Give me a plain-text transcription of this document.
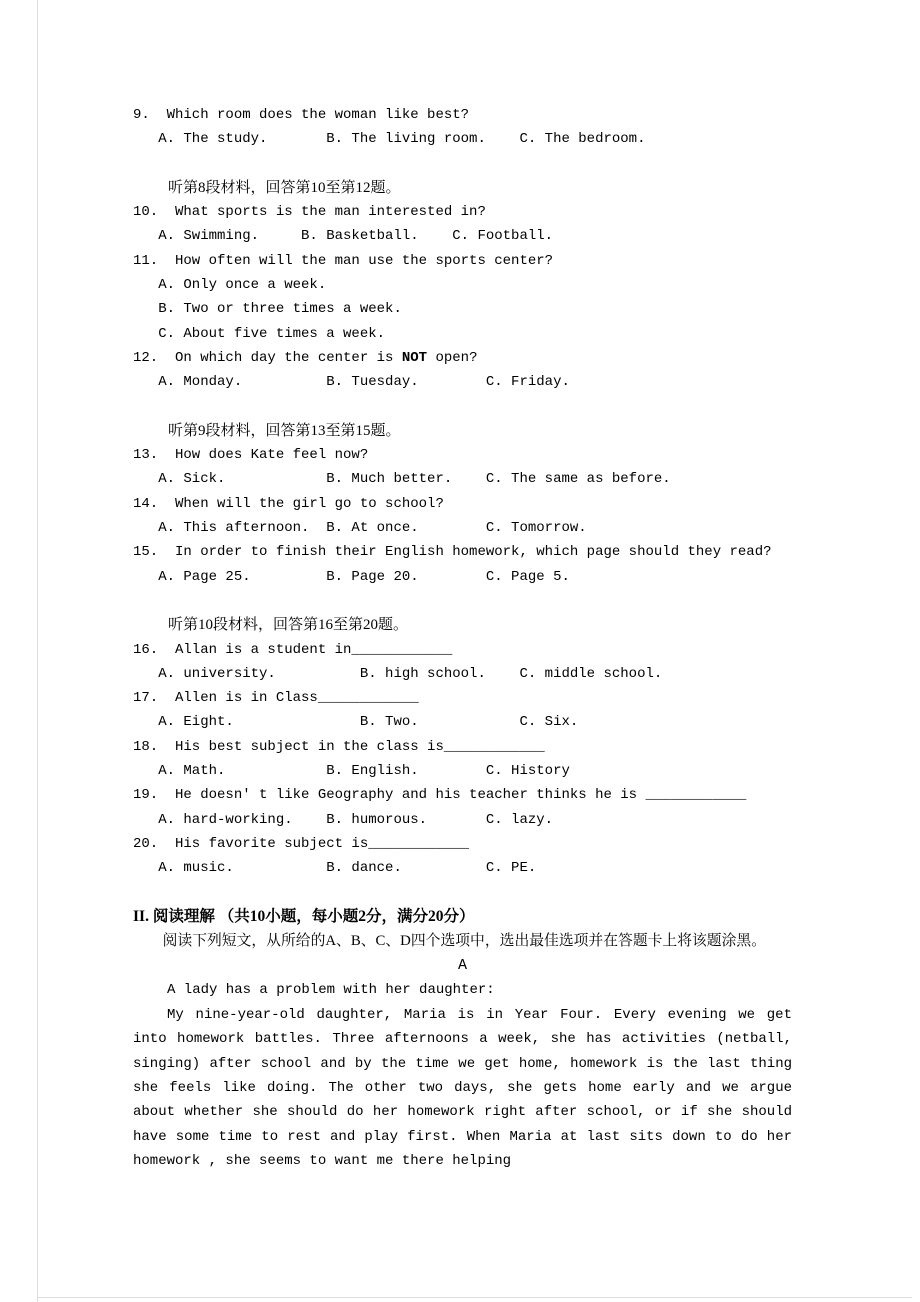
9.  Which room does the woman like best?
A. The study.       B. The living room.    C. The bedroom.
听第8段材料，回答第10至第12题。
10.  What sports is the man interested in?
A. Swimming.     B. Basketball.    C. Football.
11.  How often will the man use the sports center?
A. Only once a week.
B. Two or three times a week.
C. About five times a week.
12.  On which day the center is NOT open?
A. Monday.          B. Tuesday.        C. Friday.
听第9段材料，回答第13至第15题。
13.  How does Kate feel now?
A. Sick.            B. Much better.    C. The same as before.
14.  When will the girl go to school?
A. This afternoon.  B. At once.        C. Tomorrow.
15.  In order to finish their English homework, which page should they read?
A. Page 25.         B. Page 20.        C. Page 5.
听第10段材料，回答第16至第20题。
16.  Allan is a student in____________
A. university.          B. high school.    C. middle school.
17.  Allen is in Class____________
A. Eight.               B. Two.            C. Six.
18.  His best subject in the class is____________
A. Math.            B. English.        C. History
19.  He doesn' t like Geography and his teacher thinks he is ____________
A. hard-working.    B. humorous.       C. lazy.
20.  His favorite subject is____________
A. music.           B. dance.          C. PE.
II. 阅读理解 （共10小题，每小题2分，满分20分）
阅读下列短文，从所给的A、B、C、D四个选项中，选出最佳选项并在答题卡上将该题涂黑。
A
A lady has a problem with her daughter:
My nine-year-old daughter, Maria is in Year Four. Every evening we get into homework battles. Three afternoons a week, she has activities (netball, singing) after school and by the time we get home, homework is the last thing she feels like doing. The other two days, she gets home early and we argue about whether she should do her homework right after school, or if she should have some time to rest and play first. When Maria at last sits down to do her homework , she seems to want me there helping
